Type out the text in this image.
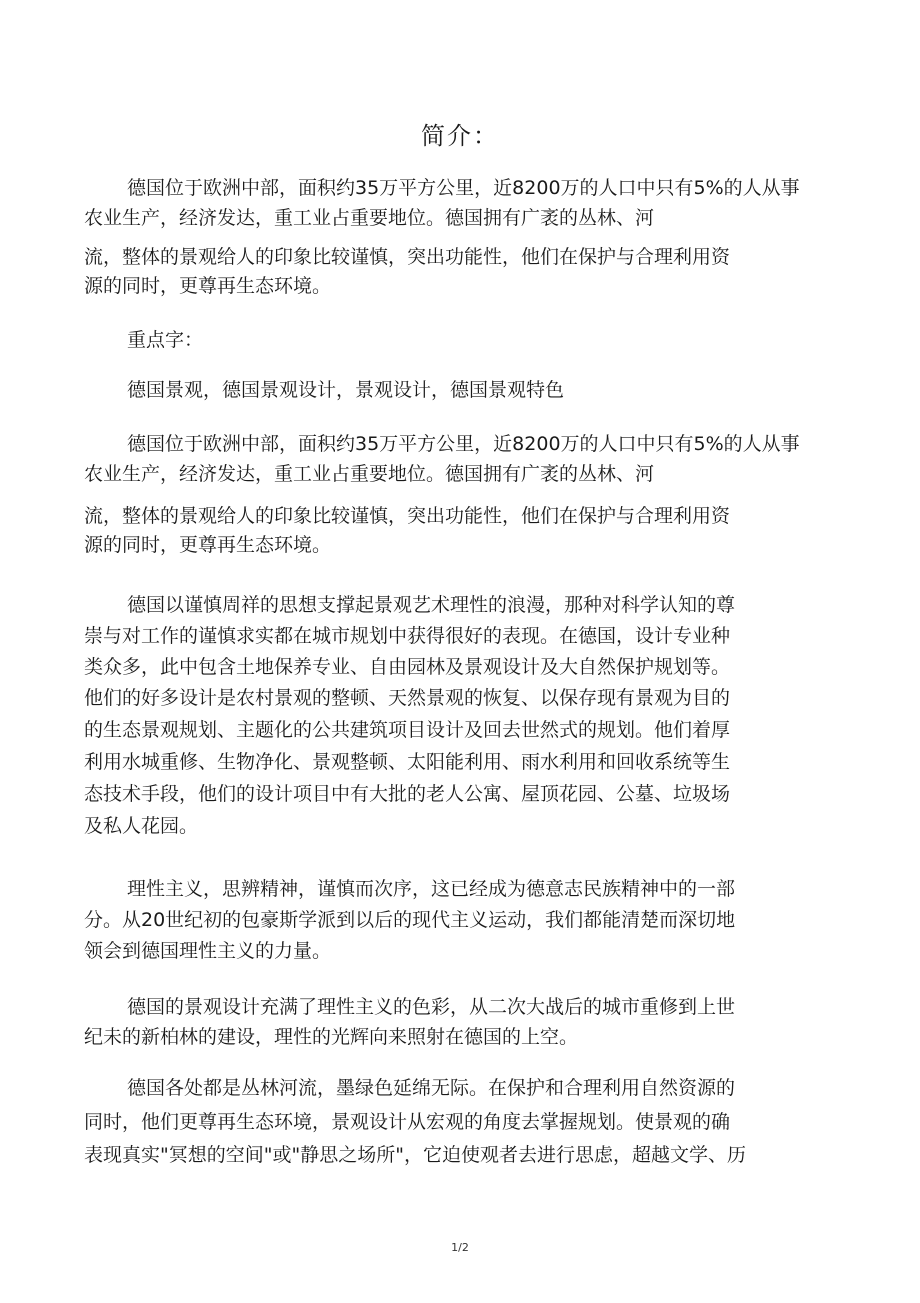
简介：
德国位于欧洲中部，面积约35万平方公里，近8200万的人口中只有5%的人从事
农业生产，经济发达，重工业占重要地位。德国拥有广袤的丛林、河
流，整体的景观给人的印象比较谨慎，突出功能性，他们在保护与合理利用资
源的同时，更尊再生态环境。
重点字：
德国景观，德国景观设计，景观设计，德国景观特色
德国位于欧洲中部，面积约35万平方公里，近8200万的人口中只有5%的人从事
农业生产，经济发达，重工业占重要地位。德国拥有广袤的丛林、河
流，整体的景观给人的印象比较谨慎，突出功能性，他们在保护与合理利用资
源的同时，更尊再生态环境。
德国以谨慎周祥的思想支撑起景观艺术理性的浪漫，那种对科学认知的尊
崇与对工作的谨慎求实都在城市规划中获得很好的表现。在德国，设计专业种
类众多，此中包含土地保养专业、自由园林及景观设计及大自然保护规划等。
他们的好多设计是农村景观的整顿、天然景观的恢复、以保存现有景观为目的
的生态景观规划、主题化的公共建筑项目设计及回去世然式的规划。他们着厚
利用水城重修、生物净化、景观整顿、太阳能利用、雨水利用和回收系统等生
态技术手段，他们的设计项目中有大批的老人公寓、屋顶花园、公墓、垃圾场
及私人花园。
理性主义，思辨精神，谨慎而次序，这已经成为德意志民族精神中的一部
分。从20世纪初的包豪斯学派到以后的现代主义运动，我们都能清楚而深切地
领会到德国理性主义的力量。
德国的景观设计充满了理性主义的色彩，从二次大战后的城市重修到上世
纪未的新柏林的建设，理性的光辉向来照射在德国的上空。
德国各处都是丛林河流，墨绿色延绵无际。在保护和合理利用自然资源的
同时，他们更尊再生态环境，景观设计从宏观的角度去掌握规划。使景观的确
表现真实"冥想的空间"或"静思之场所"，它迫使观者去进行思虑，超越文学、历
1/2
